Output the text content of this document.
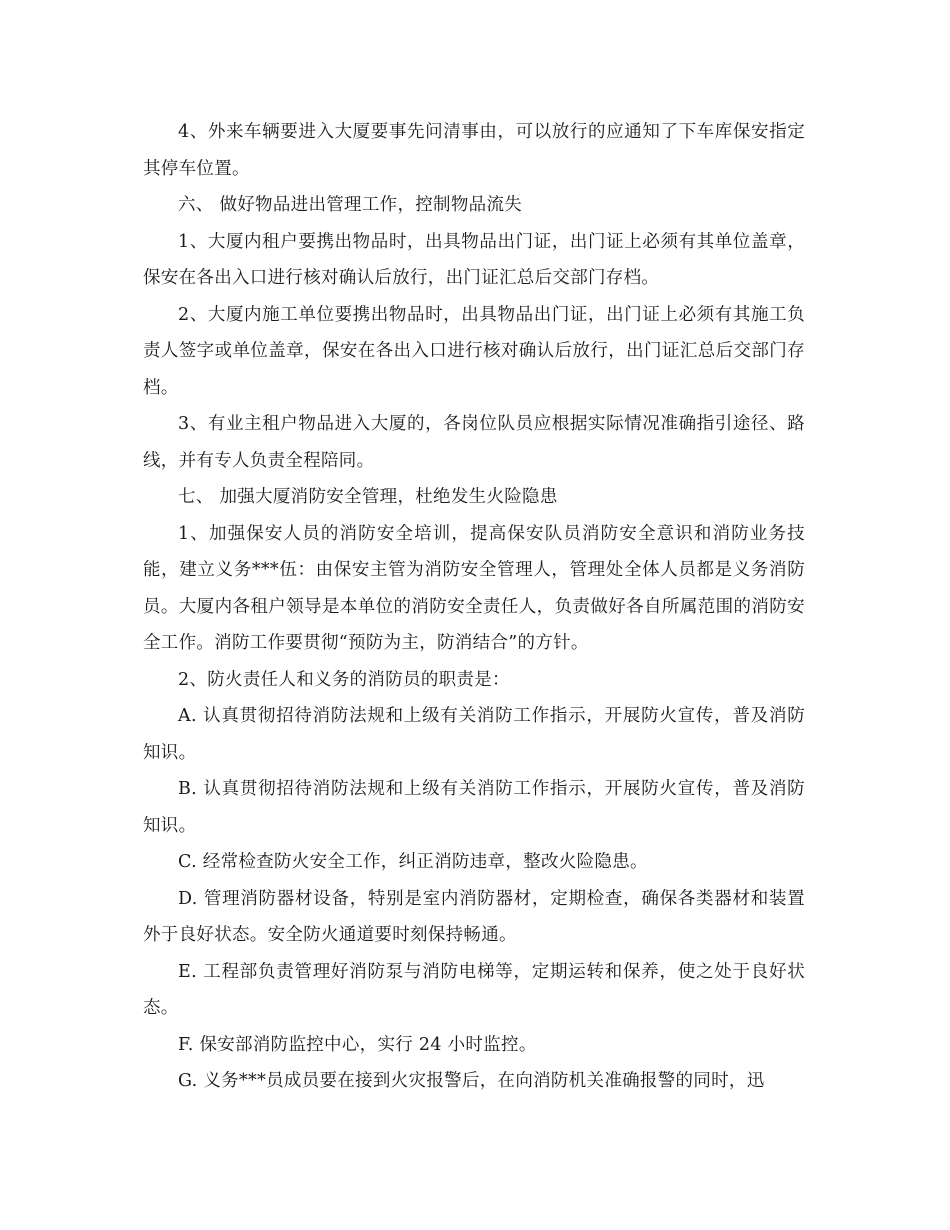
4、外来车辆要进入大厦要事先问清事由，可以放行的应通知了下车库保安指定其停车位置。

六、 做好物品进出管理工作，控制物品流失

1、大厦内租户要携出物品时，出具物品出门证，出门证上必须有其单位盖章，保安在各出入口进行核对确认后放行，出门证汇总后交部门存档。

2、大厦内施工单位要携出物品时，出具物品出门证，出门证上必须有其施工负责人签字或单位盖章，保安在各出入口进行核对确认后放行，出门证汇总后交部门存档。

3、有业主租户物品进入大厦的，各岗位队员应根据实际情况准确指引途径、路线，并有专人负责全程陪同。

七、 加强大厦消防安全管理，杜绝发生火险隐患

1、加强保安人员的消防安全培训，提高保安队员消防安全意识和消防业务技能，建立义务***伍：由保安主管为消防安全管理人，管理处全体人员都是义务消防员。大厦内各租户领导是本单位的消防安全责任人，负责做好各自所属范围的消防安全工作。消防工作要贯彻“预防为主，防消结合”的方针。

2、防火责任人和义务的消防员的职责是：

A. 认真贯彻招待消防法规和上级有关消防工作指示，开展防火宣传，普及消防知识。

B. 认真贯彻招待消防法规和上级有关消防工作指示，开展防火宣传，普及消防知识。

C. 经常检查防火安全工作，纠正消防违章，整改火险隐患。

D. 管理消防器材设备，特别是室内消防器材，定期检查，确保各类器材和装置外于良好状态。安全防火通道要时刻保持畅通。

E. 工程部负责管理好消防泵与消防电梯等，定期运转和保养，使之处于良好状态。

F. 保安部消防监控中心，实行 24 小时监控。

G. 义务***员成员要在接到火灾报警后，在向消防机关准确报警的同时，迅
